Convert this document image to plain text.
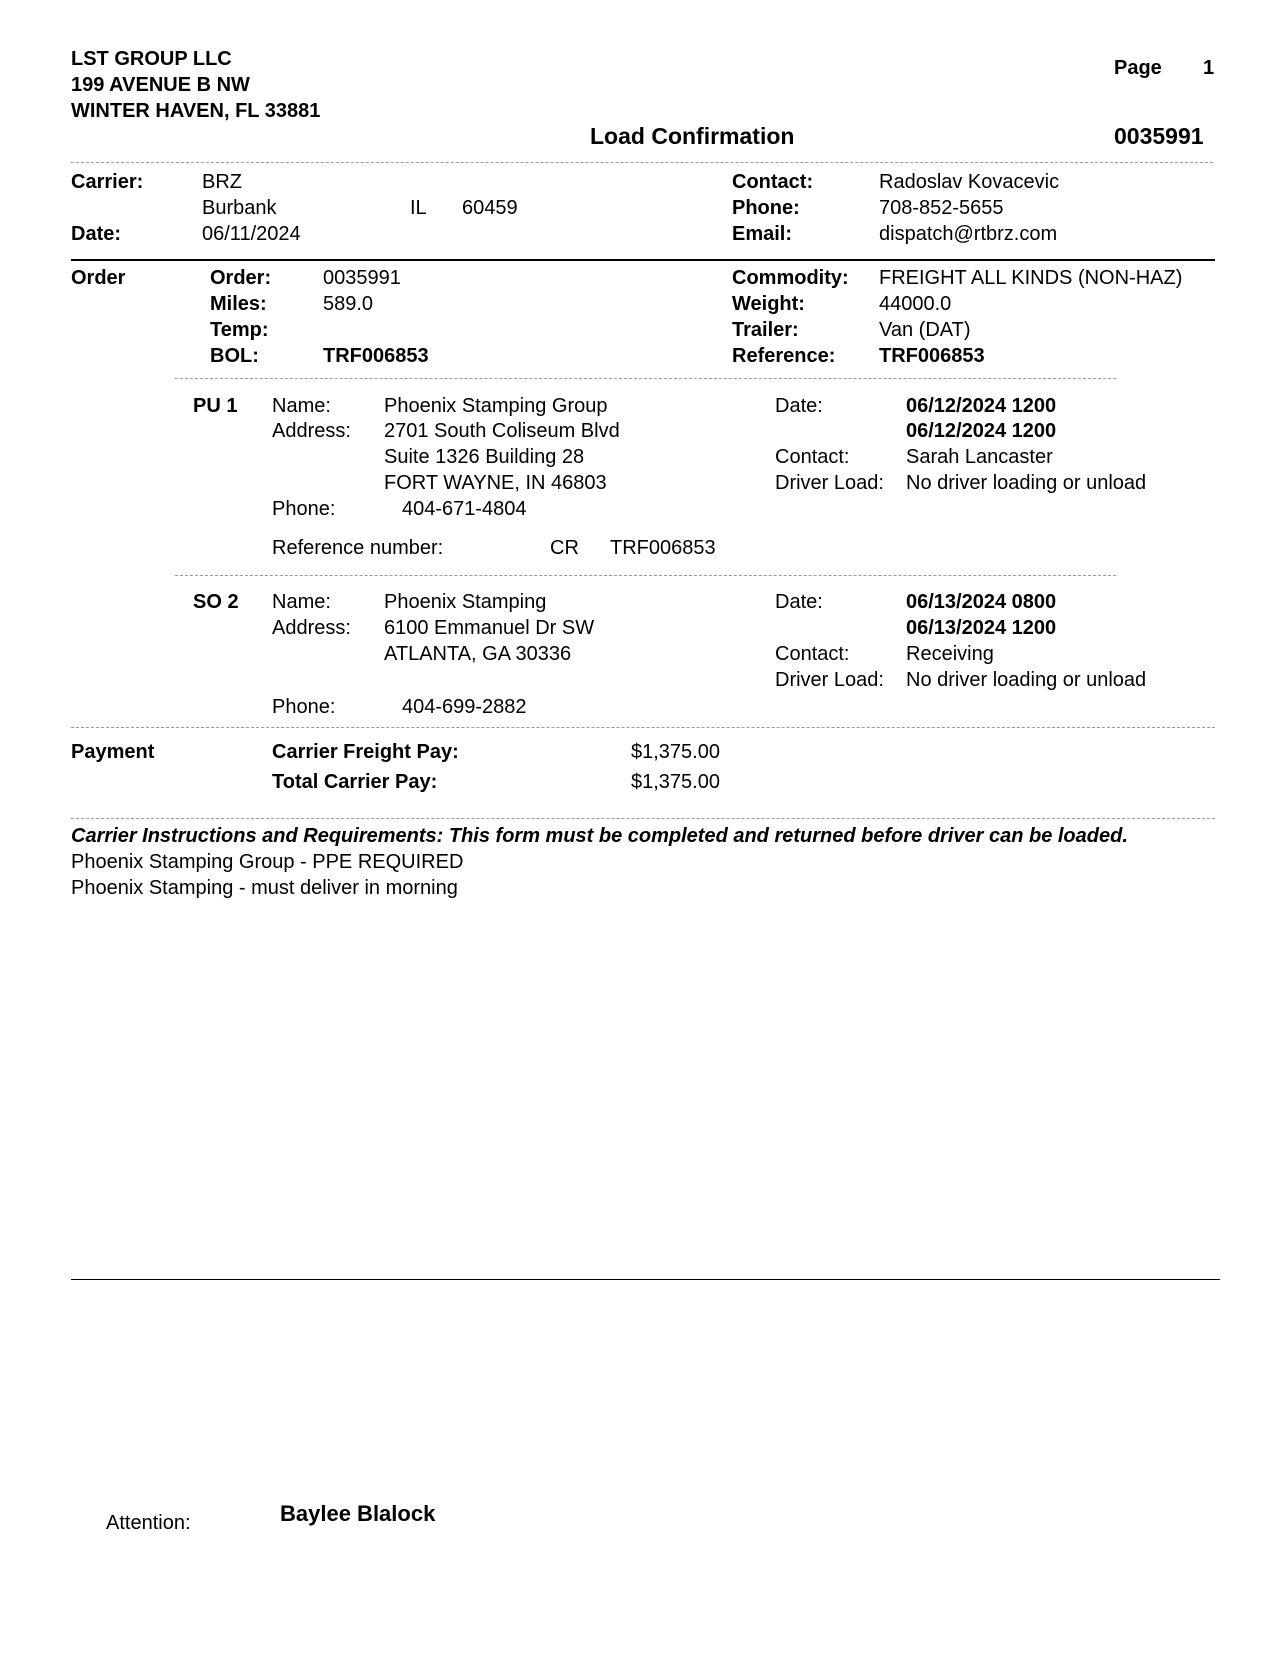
LST GROUP LLC
199 AVENUE B NW
WINTER HAVEN, FL 33881
Page 1
Load Confirmation	0035991
Carrier:	BRZ
Burbank	IL 60459
Date:	06/11/2024
Contact:	Radoslav Kovacevic
Phone:	708-852-5655
Email:	dispatch@rtbrz.com
Order	Order:	0035991
Miles:	589.0
Temp:
BOL:	TRF006853
Commodity: FREIGHT ALL KINDS (NON-HAZ)
Weight:	44000.0
Trailer:	Van (DAT)
Reference: TRF006853
PU 1 Name:	Phoenix Stamping Group
Address: 2701 South Coliseum Blvd
Suite 1326 Building 28
FORT WAYNE, IN 46803
Phone:	404-671-4804
Reference number:	CR TRF006853
Date:	06/12/2024 1200
06/12/2024 1200
Contact:	Sarah Lancaster
Driver Load: No driver loading or unload
SO 2 Name:	Phoenix Stamping
Address: 6100 Emmanuel Dr SW
ATLANTA, GA 30336
Phone:	404-699-2882
Date:	06/13/2024 0800
06/13/2024 1200
Contact:	Receiving
Driver Load: No driver loading or unload
Payment	Carrier Freight Pay:	$1,375.00
Total Carrier Pay:	$1,375.00
Carrier Instructions and Requirements: This form must be completed and returned before driver can be loaded.
Phoenix Stamping Group - PPE REQUIRED
Phoenix Stamping - must deliver in morning
Attention:	Baylee Blalock
